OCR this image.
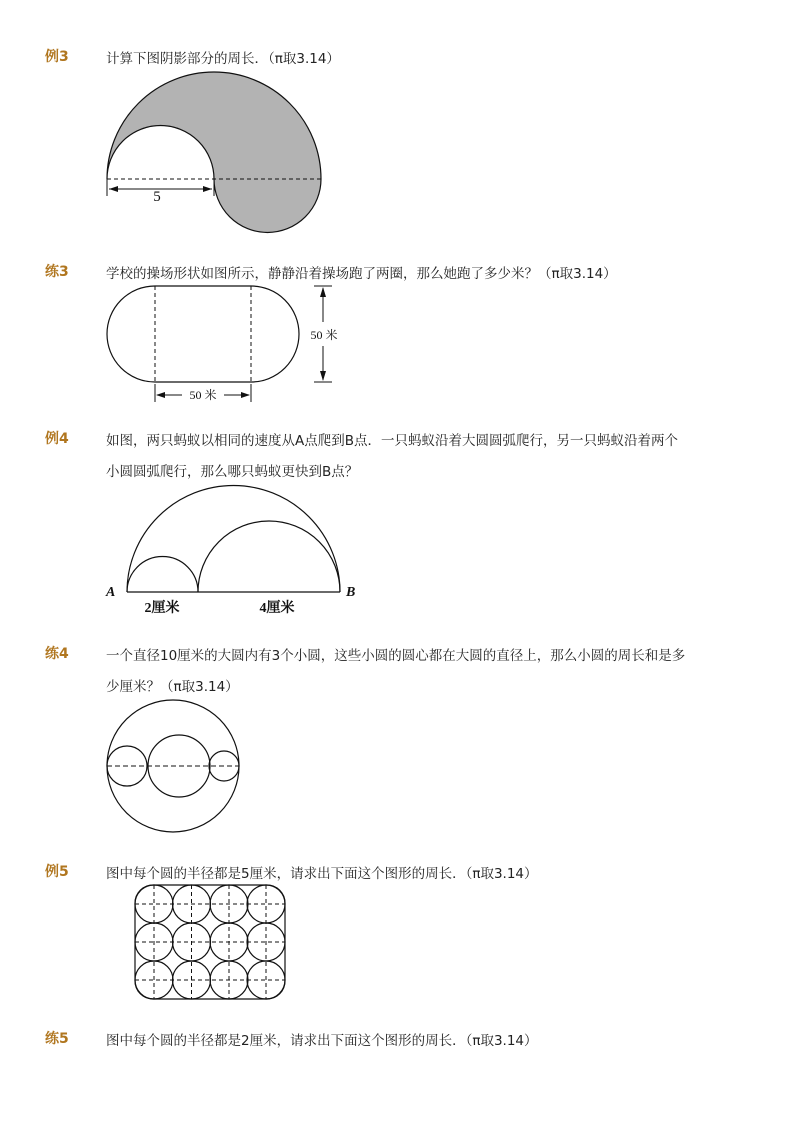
例3	计算下图阴影部分的周长．（π取3.14）
5
练3	学校的操场形状如图所示，静静沿着操场跑了两圈，那么她跑了多少米？（π取3.14）
50 米
50 米
例4	如图，两只蚂蚁以相同的速度从A点爬到B点．一只蚂蚁沿着大圆圆弧爬行，另一只蚂蚁沿着两个
小圆圆弧爬行，那么哪只蚂蚁更快到B点？
A	B
2厘米	4厘米
练4	一个直径10厘米的大圆内有3个小圆，这些小圆的圆心都在大圆的直径上，那么小圆的周长和是多
少厘米？（π取3.14）
例5	图中每个圆的半径都是5厘米，请求出下面这个图形的周长．（π取3.14）
练5	图中每个圆的半径都是2厘米，请求出下面这个图形的周长．（π取3.14）
